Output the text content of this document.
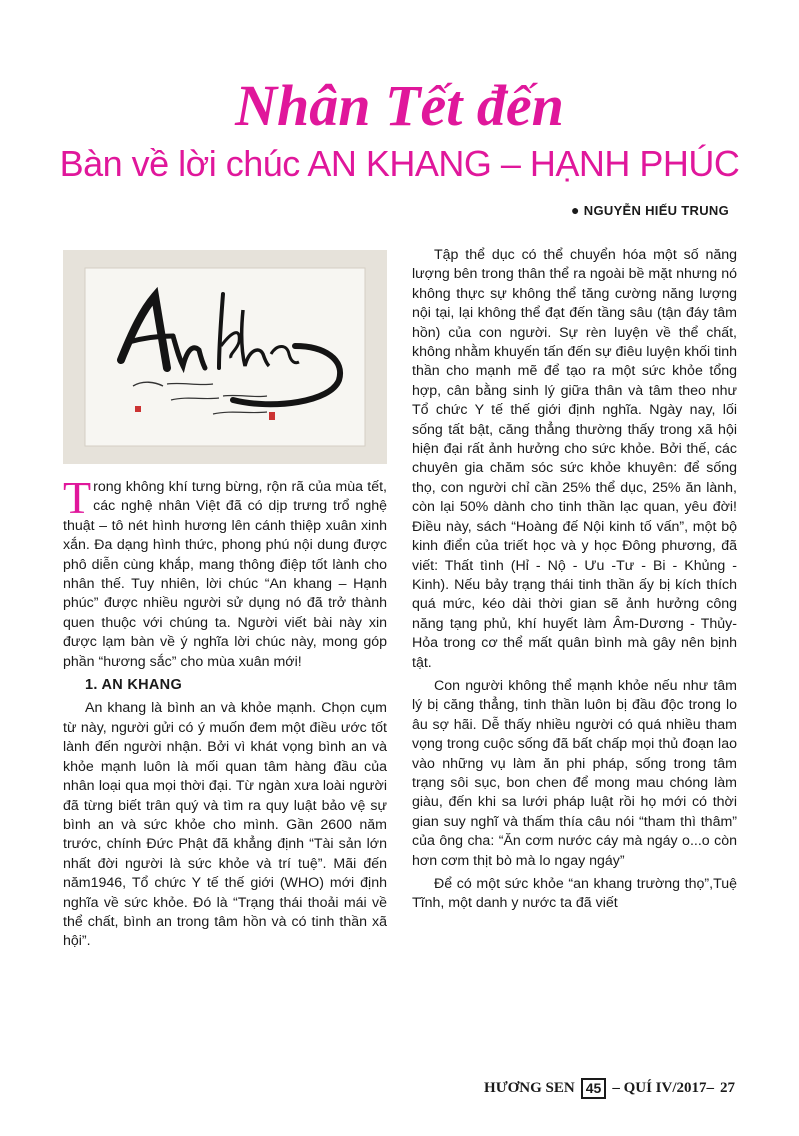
Nhân Tết đến
Bàn về lời chúc AN KHANG – HẠNH PHÚC
● NGUYỄN HIẾU TRUNG

Trong không khí tưng bừng, rộn rã của mùa tết, các nghệ nhân Việt đã có dịp trưng trổ nghệ thuật – tô nét hình hương lên cánh thiệp xuân xinh xắn. Đa dạng hình thức, phong phú nội dung được phô diễn cùng khắp, mang thông điệp tốt lành cho nhân thế. Tuy nhiên, lời chúc “An khang – Hạnh phúc” được nhiều người sử dụng nó đã trở thành quen thuộc với chúng ta. Người viết bài này xin được lạm bàn về ý nghĩa lời chúc này, mong góp phần “hương sắc” cho mùa xuân mới!

1. AN KHANG

An khang là bình an và khỏe mạnh. Chọn cụm từ này, người gửi có ý muốn đem một điều ước tốt lành đến người nhận. Bởi vì khát vọng bình an và khỏe mạnh luôn là mối quan tâm hàng đầu của nhân loại qua mọi thời đại. Từ ngàn xưa loài người đã từng biết trân quý và tìm ra quy luật bảo vệ sự bình an và sức khỏe cho mình. Gần 2600 năm trước, chính Đức Phật đã khẳng định “Tài sản lớn nhất đời người là sức khỏe và trí tuệ”. Mãi đến năm1946, Tổ chức Y tế thế giới (WHO) mới định nghĩa về sức khỏe. Đó là “Trạng thái thoải mái về thể chất, bình an trong tâm hồn và có tinh thần xã hội”.

Tập thể dục có thể chuyển hóa một số năng lượng bên trong thân thể ra ngoài bề mặt nhưng nó không thực sự không thể tăng cường năng lượng nội tại, lại không thể đạt đến tầng sâu (tận đáy tâm hồn) của con người. Sự rèn luyện về thể chất, không nhằm khuyến tấn đến sự điêu luyện khối tinh thần cho mạnh mẽ để tạo ra một sức khỏe tổng hợp, cân bằng sinh lý giữa thân và tâm theo như Tổ chức Y tế thế giới định nghĩa. Ngày nay, lối sống tất bật, căng thẳng thường thấy trong xã hội hiện đại rất ảnh hưởng cho sức khỏe. Bởi thế, các chuyên gia chăm sóc sức khỏe khuyên: để sống thọ, con người chỉ cần 25% thể dục, 25% ăn lành, còn lại 50% dành cho tinh thần lạc quan, yêu đời! Điều này, sách “Hoàng đế Nội kinh tố vấn”, một bộ kinh điển của triết học và y học Đông phương, đã viết: Thất tình (Hỉ - Nộ - Ưu -Tư - Bi - Khủng - Kinh). Nếu bảy trạng thái tinh thần ấy bị kích thích quá mức, kéo dài thời gian sẽ ảnh hưởng công năng tạng phủ, khí huyết làm Âm-Dương - Thủy-Hỏa trong cơ thể mất quân bình mà gây nên bịnh tật.

Con người không thể mạnh khỏe nếu như tâm lý bị căng thẳng, tinh thần luôn bị đầu độc trong lo âu sợ hãi. Dễ thấy nhiều người có quá nhiều tham vọng trong cuộc sống đã bất chấp mọi thủ đoạn lao vào những vụ làm ăn phi pháp, sống trong tâm trạng sôi sục, bon chen để mong mau chóng làm giàu, đến khi sa lưới pháp luật rồi họ mới có thời gian suy nghĩ và thấm thía câu nói “tham thì thâm” của ông cha: “Ăn cơm nước cáy mà ngáy o...o còn hơn cơm thịt bò mà lo ngay ngáy”

Để có một sức khỏe “an khang trường thọ”,Tuệ Tĩnh, một danh y nước ta đã viết

HƯƠNG SEN 45 – QUÍ IV/2017– 27
